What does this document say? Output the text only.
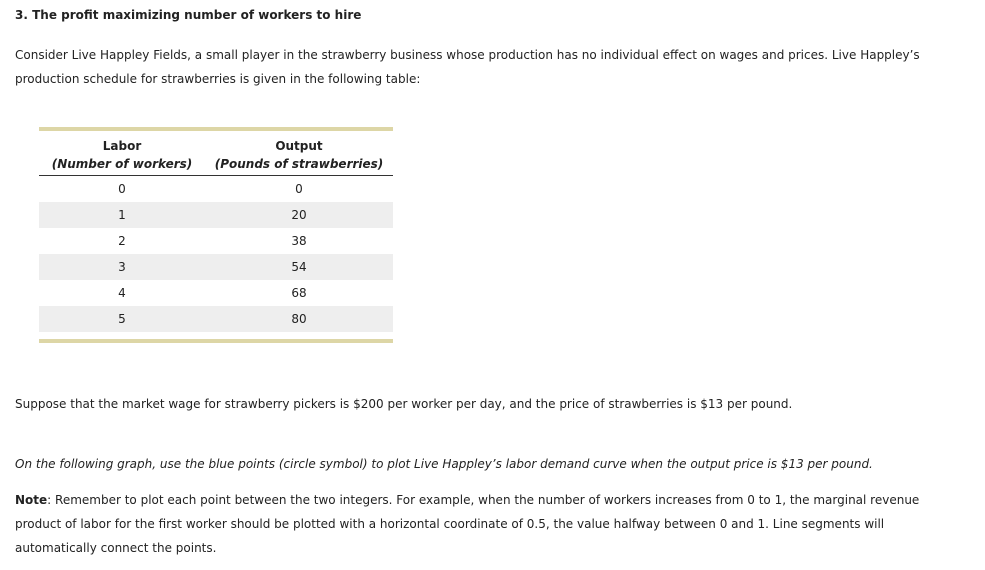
3. The profit maximizing number of workers to hire
Consider Live Happley Fields, a small player in the strawberry business whose production has no individual effect on wages and prices. Live Happley’s production schedule for strawberries is given in the following table:
Labor	Output
(Number of workers)	(Pounds of strawberries)
0	0
1	20
2	38
3	54
4	68
5	80
Suppose that the market wage for strawberry pickers is $200 per worker per day, and the price of strawberries is $13 per pound.
On the following graph, use the blue points (circle symbol) to plot Live Happley’s labor demand curve when the output price is $13 per pound.
Note: Remember to plot each point between the two integers. For example, when the number of workers increases from 0 to 1, the marginal revenue product of labor for the first worker should be plotted with a horizontal coordinate of 0.5, the value halfway between 0 and 1. Line segments will automatically connect the points.
